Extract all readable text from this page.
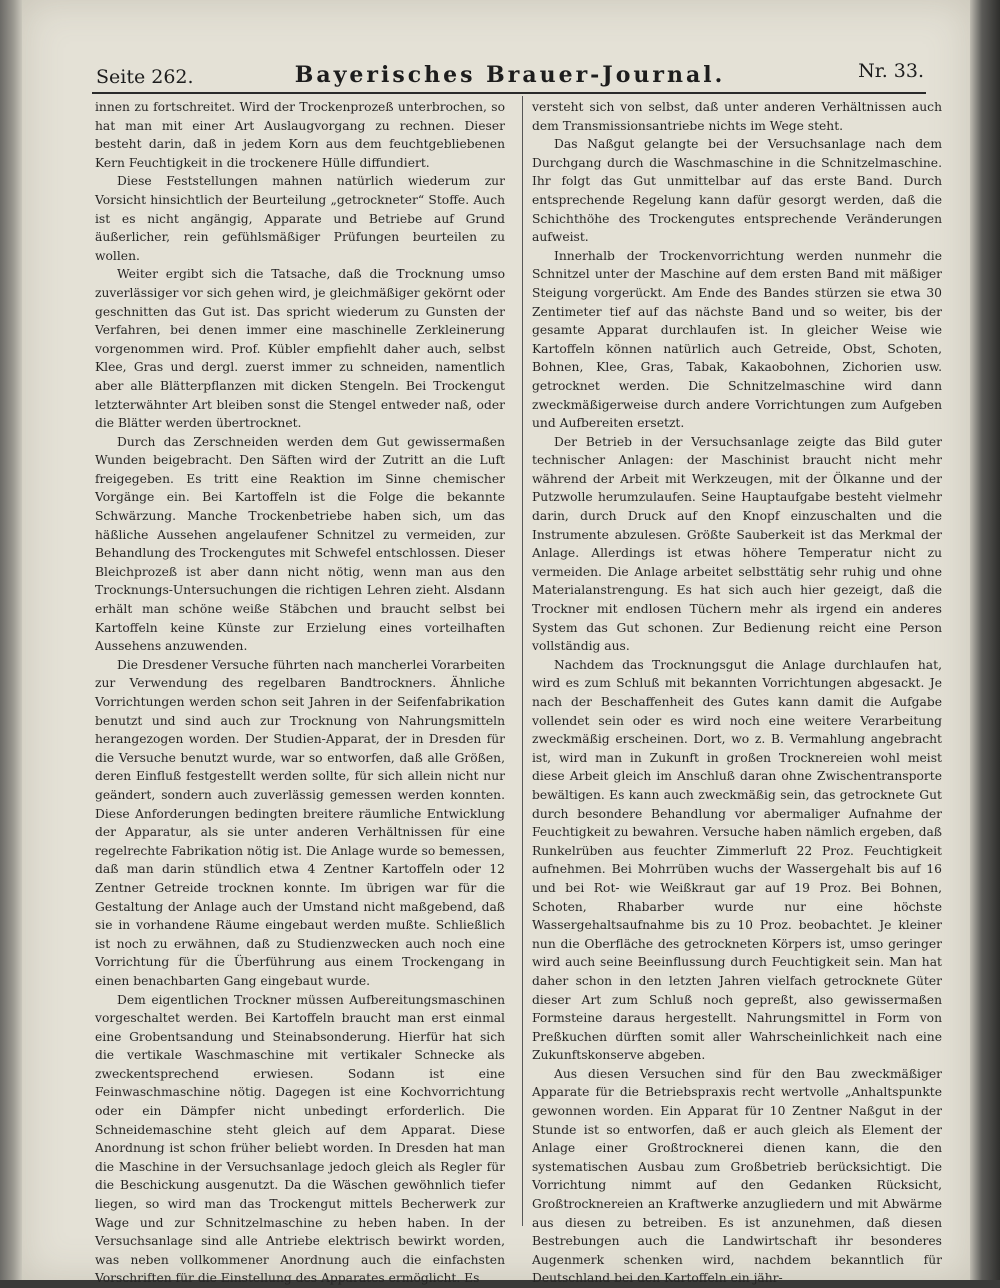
Seite 262.	Bayerisches Brauer-Journal.	Nr. 33.

innen zu fortschreitet. Wird der Trockenprozeß unterbrochen, so hat man mit einer Art Auslaugvorgang zu rechnen. Dieser besteht darin, daß in jedem Korn aus dem feuchtgebliebenen Kern Feuchtigkeit in die trockenere Hülle diffundiert.

Diese Feststellungen mahnen natürlich wiederum zur Vorsicht hinsichtlich der Beurteilung „getrockneter“ Stoffe. Auch ist es nicht angängig, Apparate und Betriebe auf Grund äußerlicher, rein gefühlsmäßiger Prüfungen beurteilen zu wollen.

Weiter ergibt sich die Tatsache, daß die Trocknung umso zuverlässiger vor sich gehen wird, je gleichmäßiger gekörnt oder geschnitten das Gut ist. Das spricht wiederum zu Gunsten der Verfahren, bei denen immer eine maschinelle Zerkleinerung vorgenommen wird. Prof. Kübler empfiehlt daher auch, selbst Klee, Gras und dergl. zuerst immer zu schneiden, namentlich aber alle Blätterpflanzen mit dicken Stengeln. Bei Trockengut letzterwähnter Art bleiben sonst die Stengel entweder naß, oder die Blätter werden übertrocknet.

Durch das Zerschneiden werden dem Gut gewissermaßen Wunden beigebracht. Den Säften wird der Zutritt an die Luft freigegeben. Es tritt eine Reaktion im Sinne chemischer Vorgänge ein. Bei Kartoffeln ist die Folge die bekannte Schwärzung. Manche Trockenbetriebe haben sich, um das häßliche Aussehen angelaufener Schnitzel zu vermeiden, zur Behandlung des Trockengutes mit Schwefel entschlossen. Dieser Bleichprozeß ist aber dann nicht nötig, wenn man aus den Trocknungs-Untersuchungen die richtigen Lehren zieht. Alsdann erhält man schöne weiße Stäbchen und braucht selbst bei Kartoffeln keine Künste zur Erzielung eines vorteilhaften Aussehens anzuwenden.

Die Dresdener Versuche führten nach mancherlei Vorarbeiten zur Verwendung des regelbaren Bandtrockners. Ähnliche Vorrichtungen werden schon seit Jahren in der Seifenfabrikation benutzt und sind auch zur Trocknung von Nahrungsmitteln herangezogen worden. Der Studien-Apparat, der in Dresden für die Versuche benutzt wurde, war so entworfen, daß alle Größen, deren Einfluß festgestellt werden sollte, für sich allein nicht nur geändert, sondern auch zuverlässig gemessen werden konnten. Diese Anforderungen bedingten breitere räumliche Entwicklung der Apparatur, als sie unter anderen Verhältnissen für eine regelrechte Fabrikation nötig ist. Die Anlage wurde so bemessen, daß man darin stündlich etwa 4 Zentner Kartoffeln oder 12 Zentner Getreide trocknen konnte. Im übrigen war für die Gestaltung der Anlage auch der Umstand nicht maßgebend, daß sie in vorhandene Räume eingebaut werden mußte. Schließlich ist noch zu erwähnen, daß zu Studienzwecken auch noch eine Vorrichtung für die Überführung aus einem Trockengang in einen benachbarten Gang eingebaut wurde.

Dem eigentlichen Trockner müssen Aufbereitungsmaschinen vorgeschaltet werden. Bei Kartoffeln braucht man erst einmal eine Grobentsandung und Steinabsonderung. Hierfür hat sich die vertikale Waschmaschine mit vertikaler Schnecke als zweckentsprechend erwiesen. Sodann ist eine Feinwaschmaschine nötig. Dagegen ist eine Kochvorrichtung oder ein Dämpfer nicht unbedingt erforderlich. Die Schneidemaschine steht gleich auf dem Apparat. Diese Anordnung ist schon früher beliebt worden. In Dresden hat man die Maschine in der Versuchsanlage jedoch gleich als Regler für die Beschickung ausgenutzt. Da die Wäschen gewöhnlich tiefer liegen, so wird man das Trockengut mittels Becherwerk zur Wage und zur Schnitzelmaschine zu heben haben. In der Versuchsanlage sind alle Antriebe elektrisch bewirkt worden, was neben vollkommener Anordnung auch die einfachsten Vorschriften für die Einstellung des Apparates ermöglicht. Es

versteht sich von selbst, daß unter anderen Verhältnissen auch dem Transmissionsantriebe nichts im Wege steht.

Das Naßgut gelangte bei der Versuchsanlage nach dem Durchgang durch die Waschmaschine in die Schnitzelmaschine. Ihr folgt das Gut unmittelbar auf das erste Band. Durch entsprechende Regelung kann dafür gesorgt werden, daß die Schichthöhe des Trockengutes entsprechende Veränderungen aufweist.

Innerhalb der Trockenvorrichtung werden nunmehr die Schnitzel unter der Maschine auf dem ersten Band mit mäßiger Steigung vorgerückt. Am Ende des Bandes stürzen sie etwa 30 Zentimeter tief auf das nächste Band und so weiter, bis der gesamte Apparat durchlaufen ist. In gleicher Weise wie Kartoffeln können natürlich auch Getreide, Obst, Schoten, Bohnen, Klee, Gras, Tabak, Kakaobohnen, Zichorien usw. getrocknet werden. Die Schnitzelmaschine wird dann zweckmäßigerweise durch andere Vorrichtungen zum Aufgeben und Aufbereiten ersetzt.

Der Betrieb in der Versuchsanlage zeigte das Bild guter technischer Anlagen: der Maschinist braucht nicht mehr während der Arbeit mit Werkzeugen, mit der Ölkanne und der Putzwolle herumzulaufen. Seine Hauptaufgabe besteht vielmehr darin, durch Druck auf den Knopf einzuschalten und die Instrumente abzulesen. Größte Sauberkeit ist das Merkmal der Anlage. Allerdings ist etwas höhere Temperatur nicht zu vermeiden. Die Anlage arbeitet selbsttätig sehr ruhig und ohne Materialanstrengung. Es hat sich auch hier gezeigt, daß die Trockner mit endlosen Tüchern mehr als irgend ein anderes System das Gut schonen. Zur Bedienung reicht eine Person vollständig aus.

Nachdem das Trocknungsgut die Anlage durchlaufen hat, wird es zum Schluß mit bekannten Vorrichtungen abgesackt. Je nach der Beschaffenheit des Gutes kann damit die Aufgabe vollendet sein oder es wird noch eine weitere Verarbeitung zweckmäßig erscheinen. Dort, wo z. B. Vermahlung angebracht ist, wird man in Zukunft in großen Trocknereien wohl meist diese Arbeit gleich im Anschluß daran ohne Zwischentransporte bewältigen. Es kann auch zweckmäßig sein, das getrocknete Gut durch besondere Behandlung vor abermaliger Aufnahme der Feuchtigkeit zu bewahren. Versuche haben nämlich ergeben, daß Runkelrüben aus feuchter Zimmerluft 22 Proz. Feuchtigkeit aufnehmen. Bei Mohrrüben wuchs der Wassergehalt bis auf 16 und bei Rot- wie Weißkraut gar auf 19 Proz. Bei Bohnen, Schoten, Rhabarber wurde nur eine höchste Wassergehaltsaufnahme bis zu 10 Proz. beobachtet. Je kleiner nun die Oberfläche des getrockneten Körpers ist, umso geringer wird auch seine Beeinflussung durch Feuchtigkeit sein. Man hat daher schon in den letzten Jahren vielfach getrocknete Güter dieser Art zum Schluß noch gepreßt, also gewissermaßen Formsteine daraus hergestellt. Nahrungsmittel in Form von Preßkuchen dürften somit aller Wahrscheinlichkeit nach eine Zukunftskonserve abgeben.

Aus diesen Versuchen sind für den Bau zweckmäßiger Apparate für die Betriebspraxis recht wertvolle „Anhaltspunkte gewonnen worden. Ein Apparat für 10 Zentner Naßgut in der Stunde ist so entworfen, daß er auch gleich als Element der Anlage einer Großtrocknerei dienen kann, die den systematischen Ausbau zum Großbetrieb berücksichtigt. Die Vorrichtung nimmt auf den Gedanken Rücksicht, Großtrocknereien an Kraftwerke anzugliedern und mit Abwärme aus diesen zu betreiben. Es ist anzunehmen, daß diesen Bestrebungen auch die Landwirtschaft ihr besonderes Augenmerk schenken wird, nachdem bekanntlich für Deutschland bei den Kartoffeln ein jähr-
